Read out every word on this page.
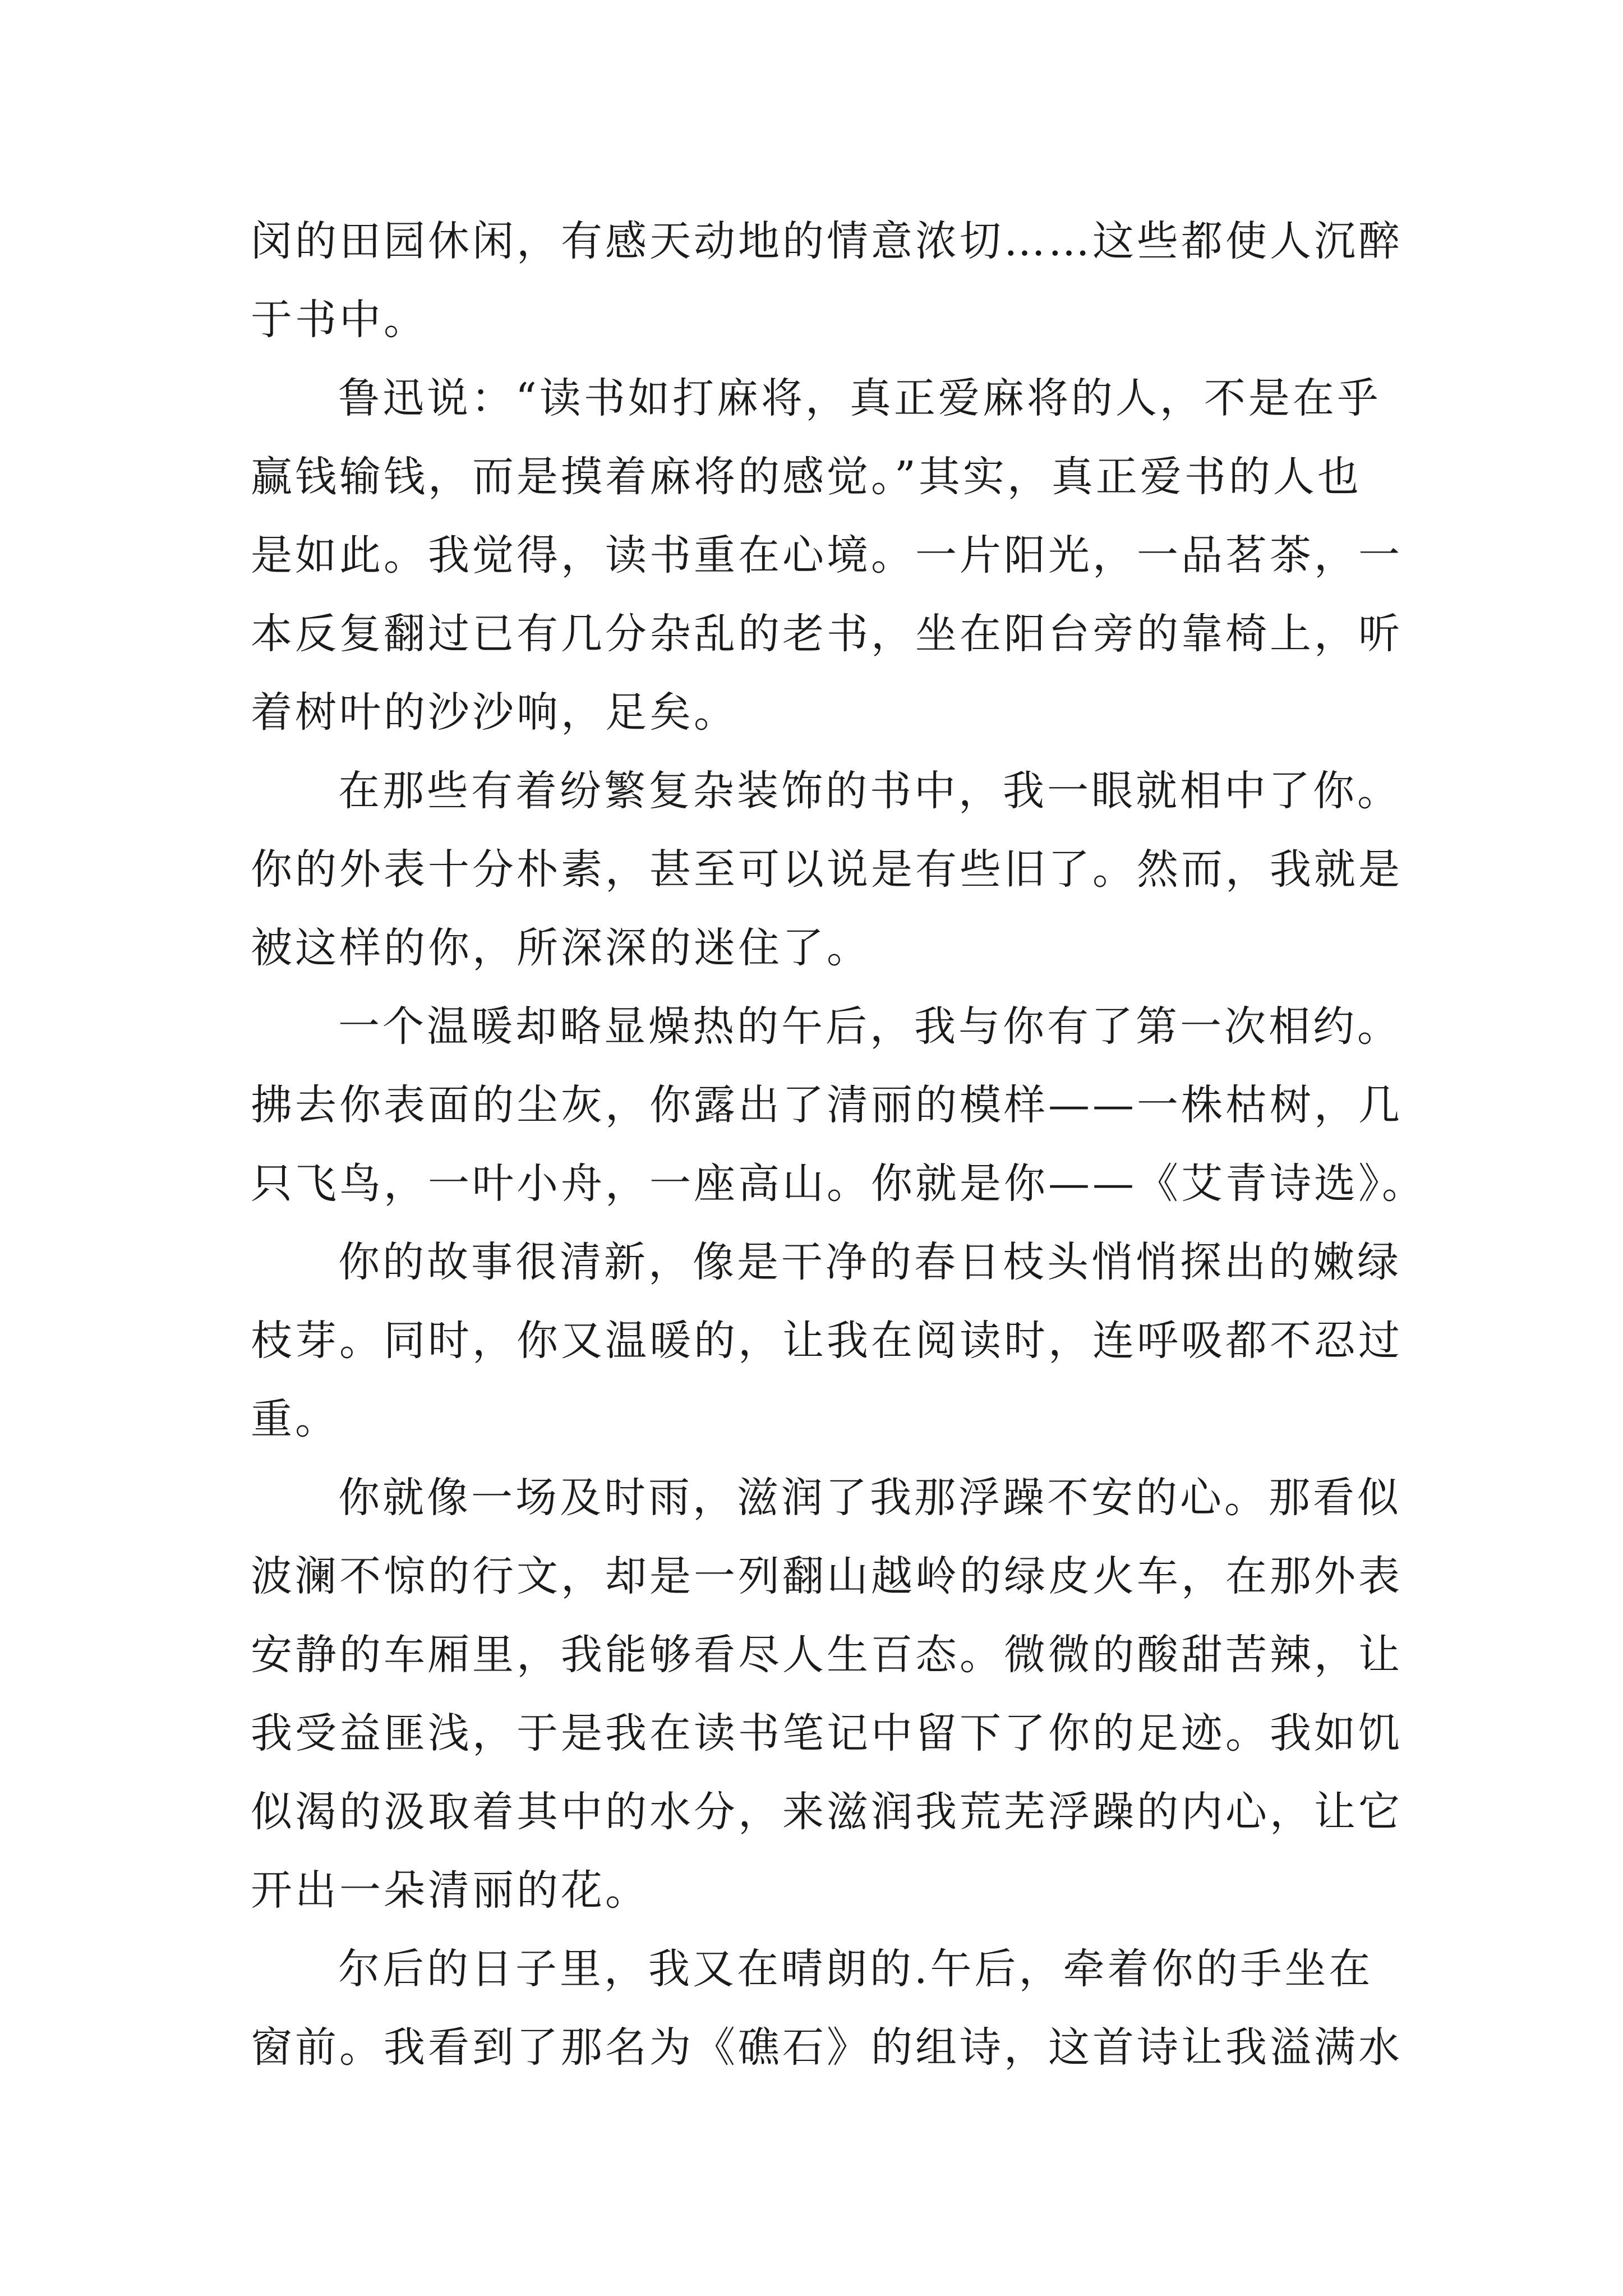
闵的田园休闲，有感天动地的情意浓切……这些都使人沉醉
于书中。
鲁迅说：“读书如打麻将，真正爱麻将的人，不是在乎
赢钱输钱，而是摸着麻将的感觉。”其实，真正爱书的人也
是如此。我觉得，读书重在心境。一片阳光，一品茗茶，一
本反复翻过已有几分杂乱的老书，坐在阳台旁的靠椅上，听
着树叶的沙沙响，足矣。
在那些有着纷繁复杂装饰的书中，我一眼就相中了你。
你的外表十分朴素，甚至可以说是有些旧了。然而，我就是
被这样的你，所深深的迷住了。
一个温暖却略显燥热的午后，我与你有了第一次相约。
拂去你表面的尘灰，你露出了清丽的模样——一株枯树，几
只飞鸟，一叶小舟，一座高山。你就是你——《艾青诗选》。
你的故事很清新，像是干净的春日枝头悄悄探出的嫩绿
枝芽。同时，你又温暖的，让我在阅读时，连呼吸都不忍过
重。
你就像一场及时雨，滋润了我那浮躁不安的心。那看似
波澜不惊的行文，却是一列翻山越岭的绿皮火车，在那外表
安静的车厢里，我能够看尽人生百态。微微的酸甜苦辣，让
我受益匪浅，于是我在读书笔记中留下了你的足迹。我如饥
似渴的汲取着其中的水分，来滋润我荒芜浮躁的内心，让它
开出一朵清丽的花。
尔后的日子里，我又在晴朗的.午后，牵着你的手坐在
窗前。我看到了那名为《礁石》的组诗，这首诗让我溢满水
